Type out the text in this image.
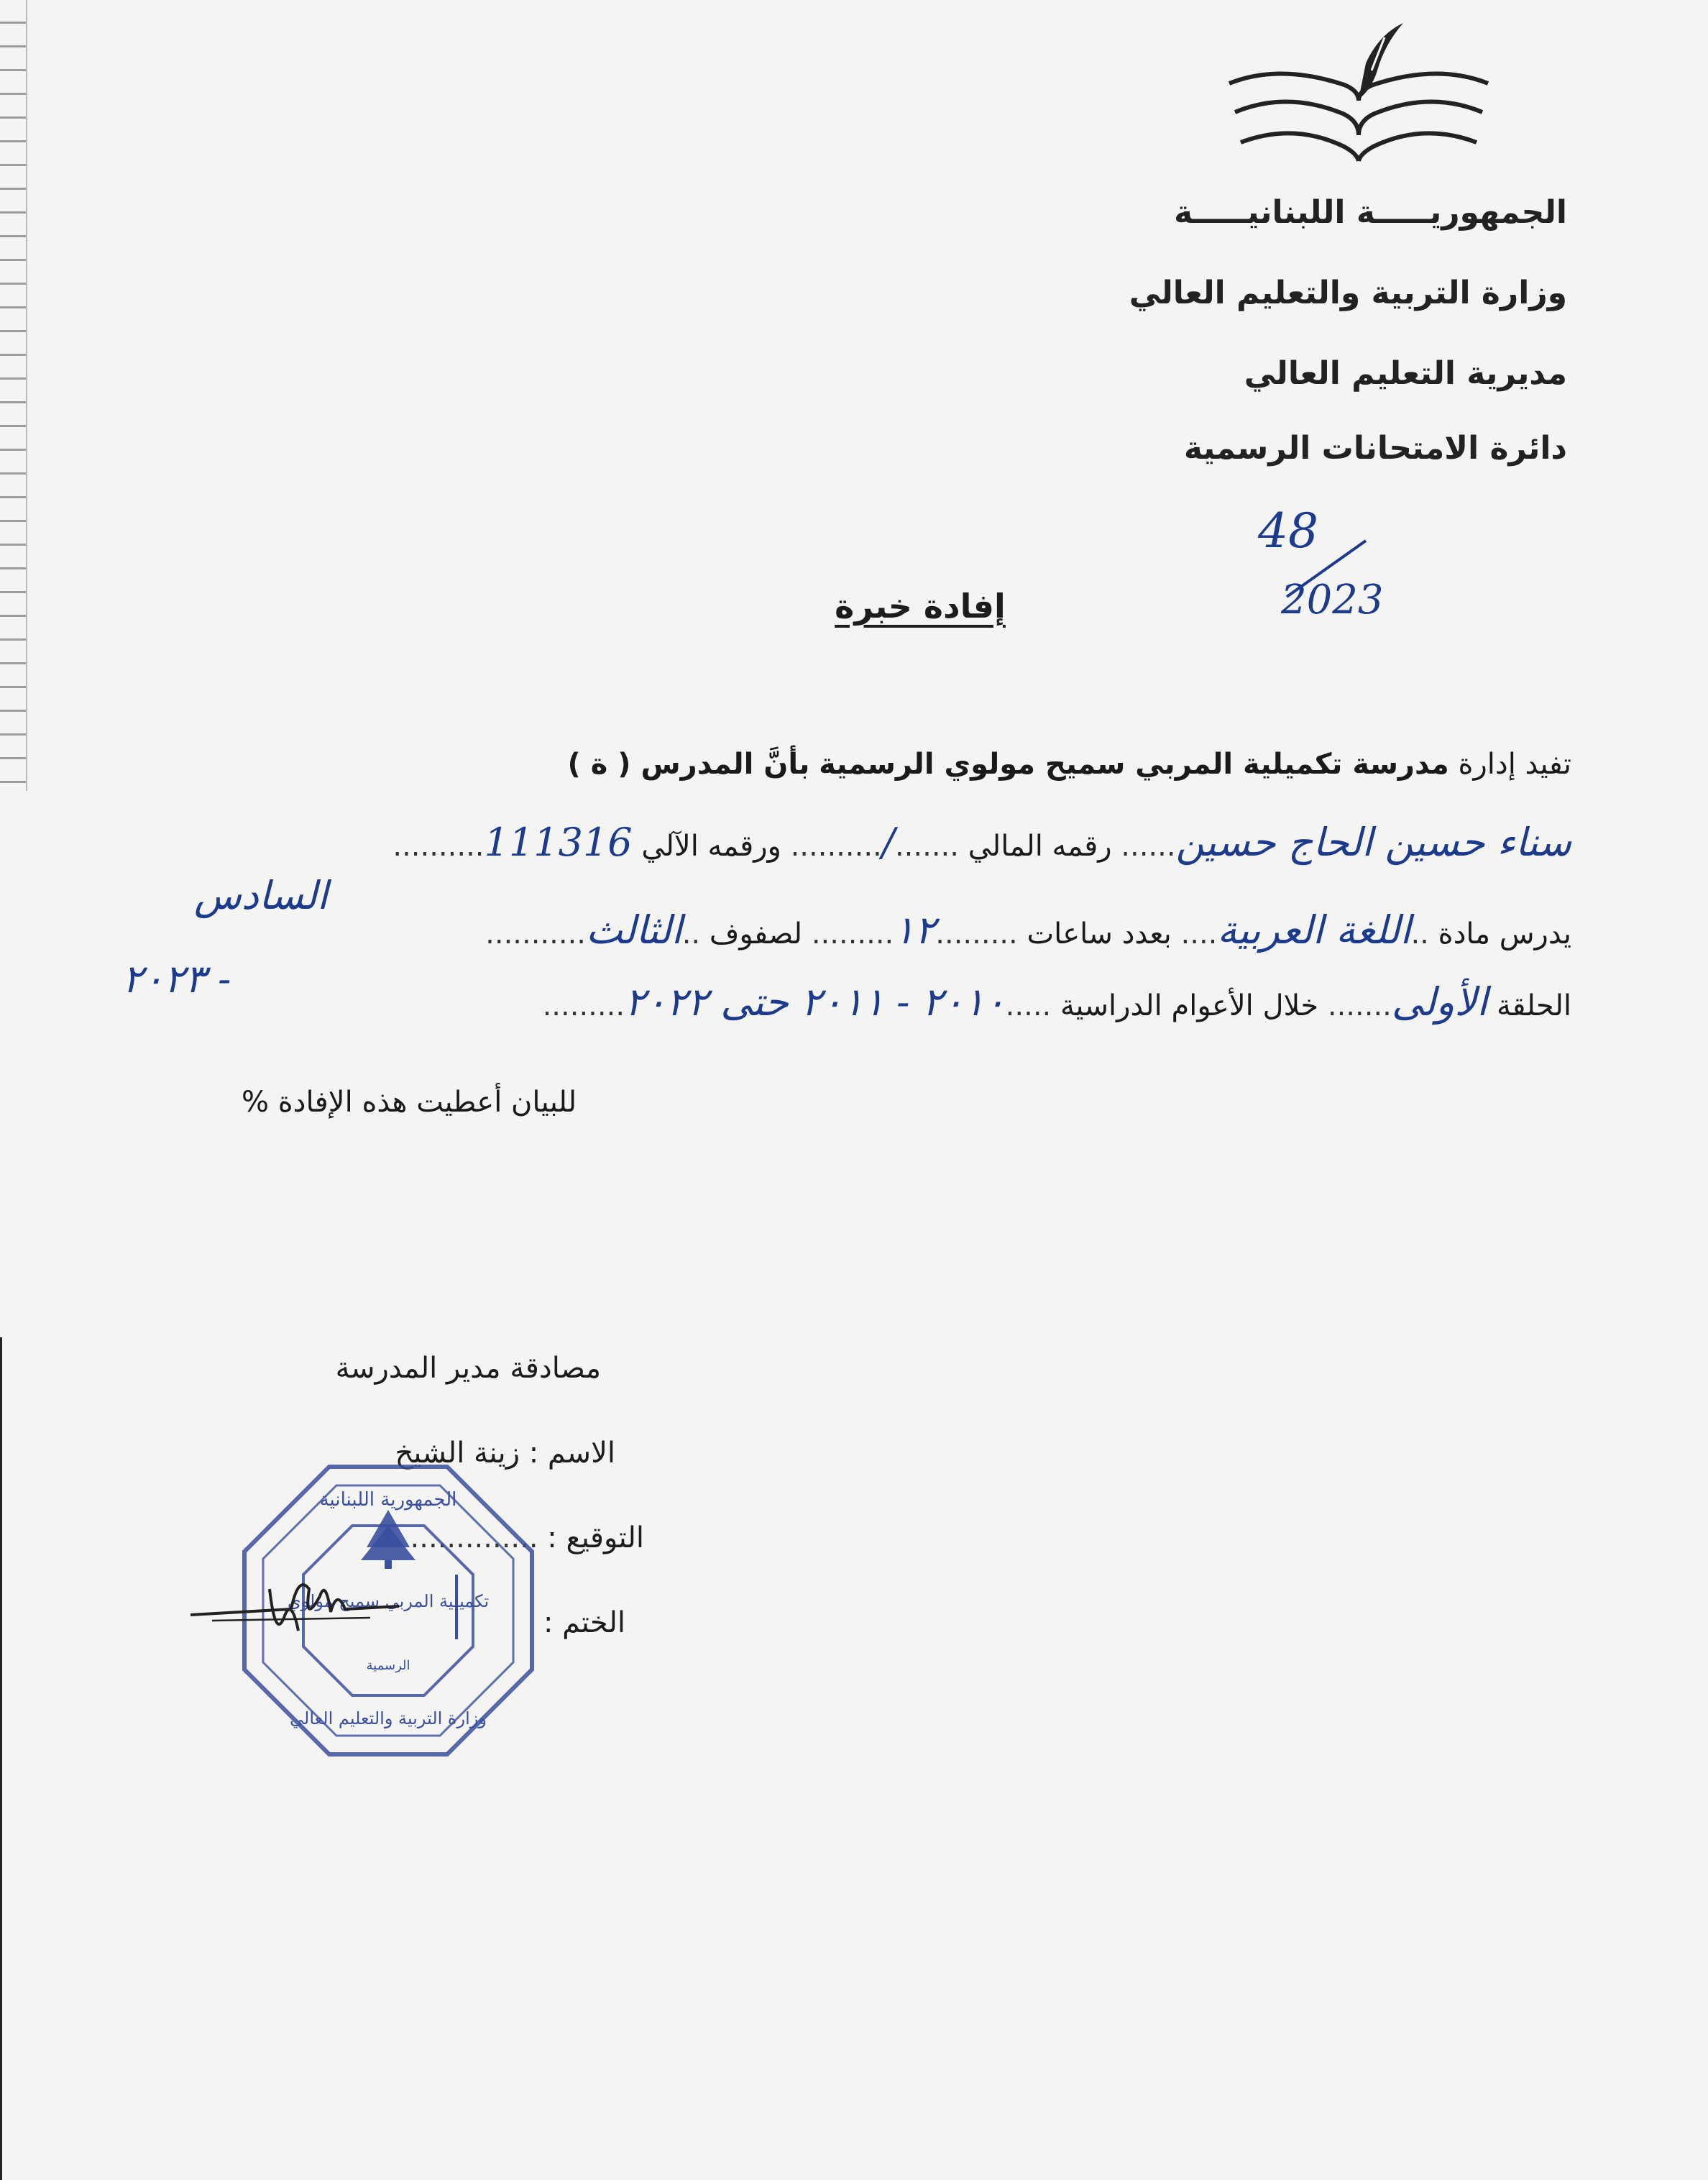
الجمهوريـــــة اللبنانيـــــة
وزارة التربية والتعليم العالي
مديرية التعليم العالي
دائرة الامتحانات الرسمية
48
2023
إفادة خبرة
تفيد إدارة مدرسة تكميلية المربي سميح مولوي الرسمية بأنَّ المدرس ( ة )
سناء حسين الحاج حسين...... رقمه المالي ......./.......... ورقمه الآلي 111316..........
يدرس مادة ..اللغة العربية.... بعدد ساعات .........١٢......... لصفوف ..الثالث...........
السادس
الحلقة الأولى....... خلال الأعوام الدراسية .....٢٠١٠ - ٢٠١١ حتى ٢٠٢٢.........
- ٢٠٢٣
للبيان أعطيت هذه الإفادة %
مصادقة مدير المدرسة
الاسم : زينة الشيخ
التوقيع : ..............
الختم :
الجمهورية اللبنانية
تكميلية المربي سميح مولوي
الرسمية
وزارة التربية والتعليم العالي
